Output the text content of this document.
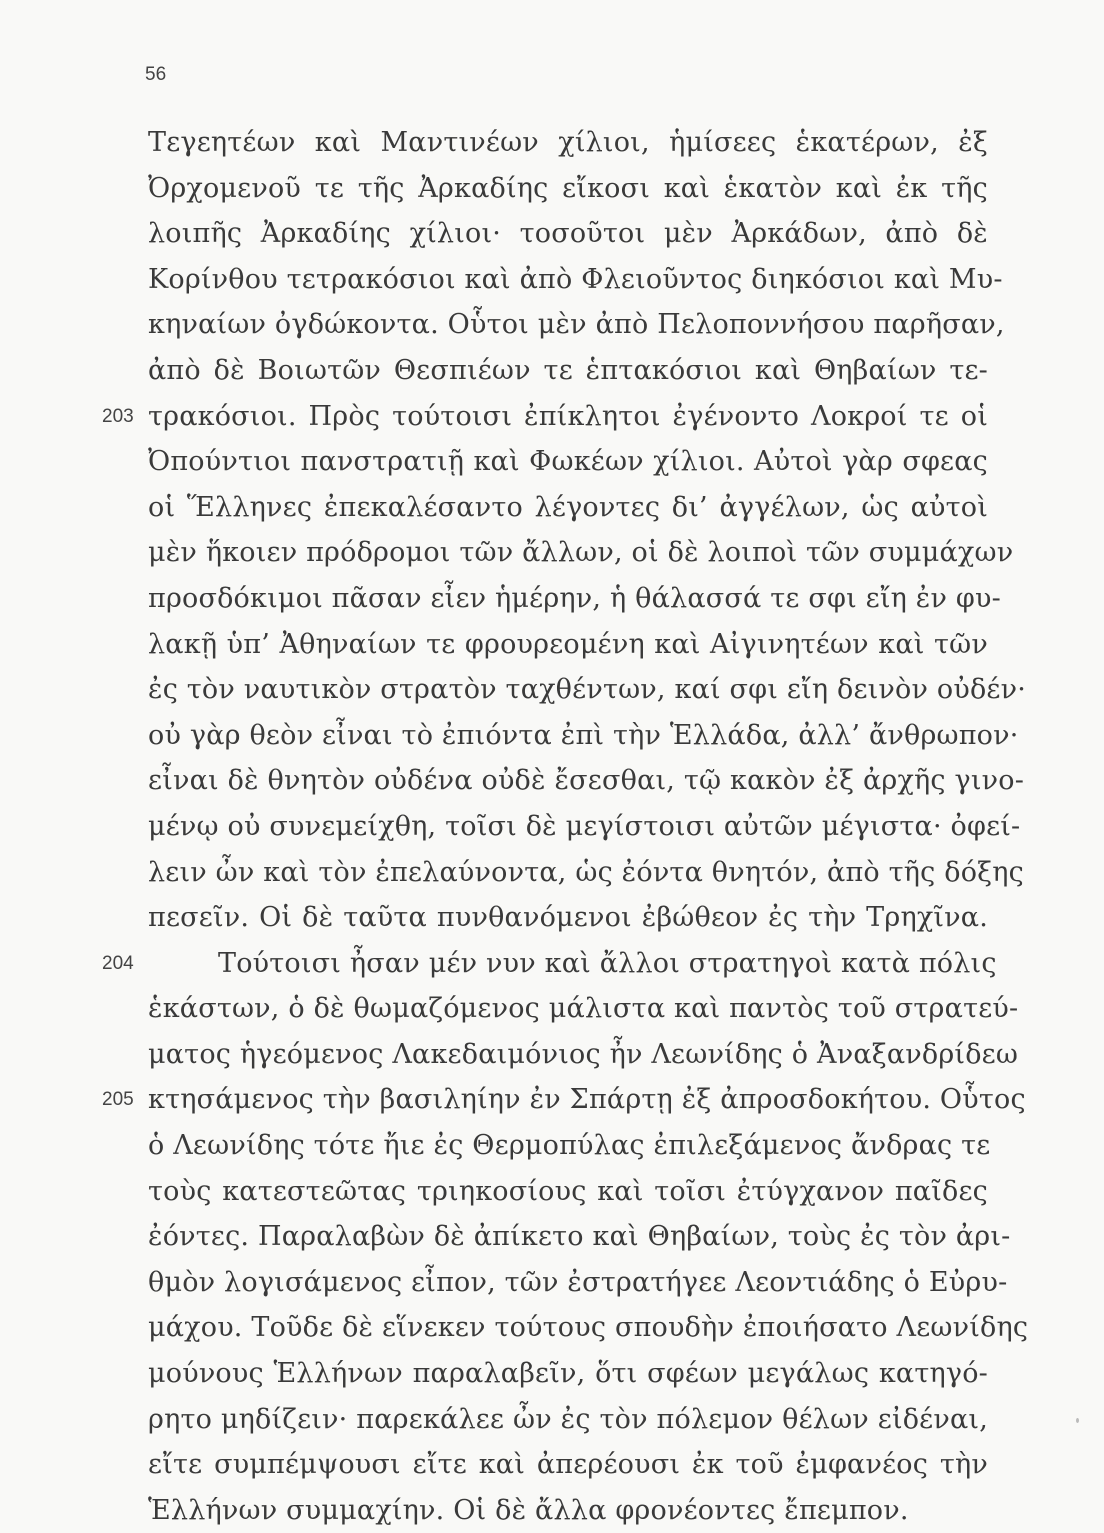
56
Τεγεητέων καὶ Μαντινέων χίλιοι, ἡμίσεες ἑκατέρων, ἐξ
Ὀρχομενοῦ τε τῆς Ἀρκαδίης εἴκοσι καὶ ἑκατὸν καὶ ἐκ τῆς
λοιπῆς Ἀρκαδίης χίλιοι· τοσοῦτοι μὲν Ἀρκάδων, ἀπὸ δὲ
Κορίνθου τετρακόσιοι καὶ ἀπὸ Φλειοῦντος διηκόσιοι καὶ Μυ-
κηναίων ὀγδώκοντα. Οὗτοι μὲν ἀπὸ Πελοποννήσου παρῆσαν,
ἀπὸ δὲ Βοιωτῶν Θεσπιέων τε ἑπτακόσιοι καὶ Θηβαίων τε-
203 τρακόσιοι. Πρὸς τούτοισι ἐπίκλητοι ἐγένοντο Λοκροί τε οἱ
Ὀπούντιοι πανστρατιῇ καὶ Φωκέων χίλιοι. Αὐτοὶ γὰρ σφεας
οἱ Ἕλληνες ἐπεκαλέσαντο λέγοντες δι’ ἀγγέλων, ὡς αὐτοὶ
μὲν ἥκοιεν πρόδρομοι τῶν ἄλλων, οἱ δὲ λοιποὶ τῶν συμμάχων
προσδόκιμοι πᾶσαν εἶεν ἡμέρην, ἡ θάλασσά τε σφι εἴη ἐν φυ-
λακῇ ὑπ’ Ἀθηναίων τε φρουρεομένη καὶ Αἰγινητέων καὶ τῶν
ἐς τὸν ναυτικὸν στρατὸν ταχθέντων, καί σφι εἴη δεινὸν οὐδέν·
οὐ γὰρ θεὸν εἶναι τὸ ἐπιόντα ἐπὶ τὴν Ἑλλάδα, ἀλλ’ ἄνθρωπον·
εἶναι δὲ θνητὸν οὐδένα οὐδὲ ἔσεσθαι, τῷ κακὸν ἐξ ἀρχῆς γινο-
μένῳ οὐ συνεμείχθη, τοῖσι δὲ μεγίστοισι αὐτῶν μέγιστα· ὀφεί-
λειν ὦν καὶ τὸν ἐπελαύνοντα, ὡς ἐόντα θνητόν, ἀπὸ τῆς δόξης
πεσεῖν. Οἱ δὲ ταῦτα πυνθανόμενοι ἐβώθεον ἐς τὴν Τρηχῖνα.
204	Τούτοισι ἦσαν μέν νυν καὶ ἄλλοι στρατηγοὶ κατὰ πόλις
ἑκάστων, ὁ δὲ θωμαζόμενος μάλιστα καὶ παντὸς τοῦ στρατεύ-
ματος ἡγεόμενος Λακεδαιμόνιος ἦν Λεωνίδης ὁ Ἀναξανδρίδεω
205 κτησάμενος τὴν βασιληίην ἐν Σπάρτῃ ἐξ ἀπροσδοκήτου. Οὗτος
ὁ Λεωνίδης τότε ἤιε ἐς Θερμοπύλας ἐπιλεξάμενος ἄνδρας τε
τοὺς κατεστεῶτας τριηκοσίους καὶ τοῖσι ἐτύγχανον παῖδες
ἐόντες. Παραλαβὼν δὲ ἀπίκετο καὶ Θηβαίων, τοὺς ἐς τὸν ἀρι-
θμὸν λογισάμενος εἶπον, τῶν ἐστρατήγεε Λεοντιάδης ὁ Εὐρυ-
μάχου. Τοῦδε δὲ εἵνεκεν τούτους σπουδὴν ἐποιήσατο Λεωνίδης
μούνους Ἑλλήνων παραλαβεῖν, ὅτι σφέων μεγάλως κατηγό-
ρητο μηδίζειν· παρεκάλεε ὦν ἐς τὸν πόλεμον θέλων εἰδέναι,
εἴτε συμπέμψουσι εἴτε καὶ ἀπερέουσι ἐκ τοῦ ἐμφανέος τὴν
Ἑλλήνων συμμαχίην. Οἱ δὲ ἄλλα φρονέοντες ἔπεμπον.
